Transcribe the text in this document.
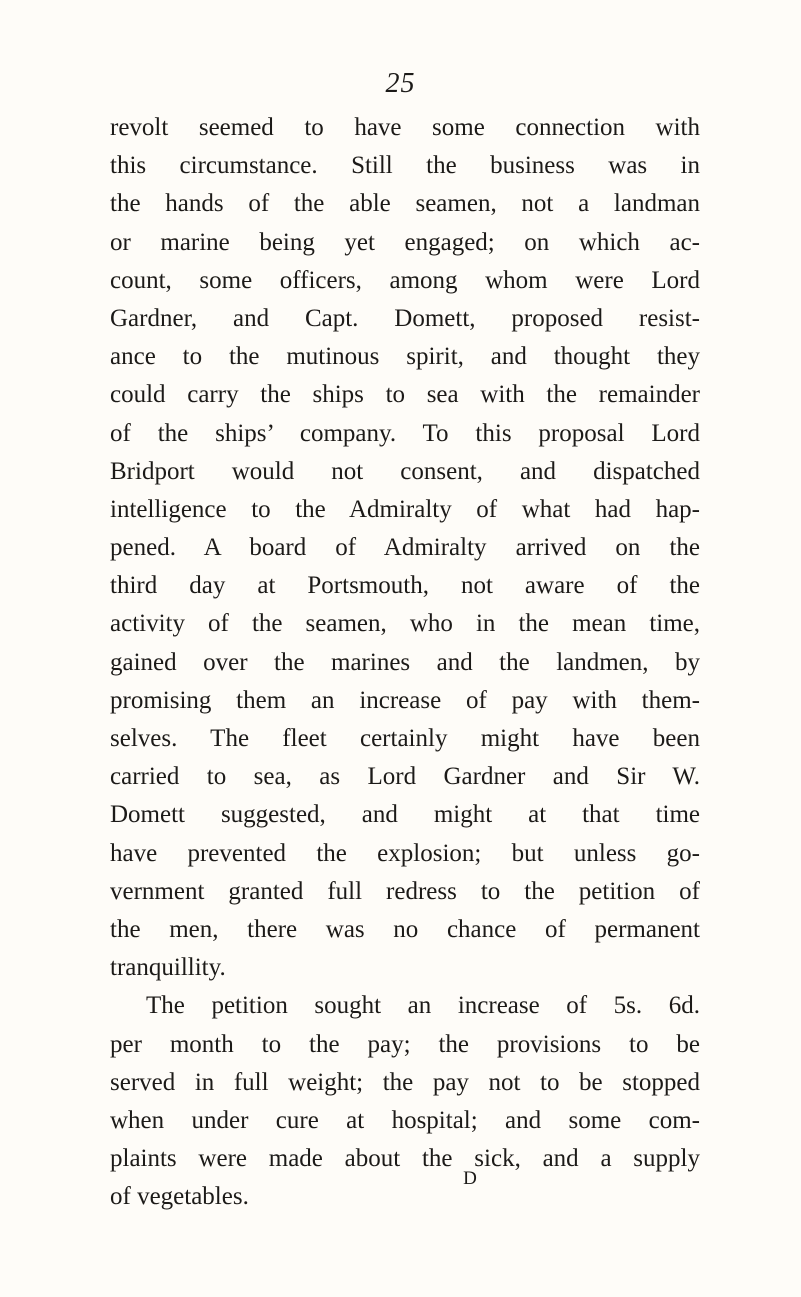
25
revolt seemed to have some connection with
this circumstance. Still the business was in
the hands of the able seamen, not a landman
or marine being yet engaged; on which ac-
count, some officers, among whom were Lord
Gardner, and Capt. Domett, proposed resist-
ance to the mutinous spirit, and thought they
could carry the ships to sea with the remainder
of the ships’ company. To this proposal Lord
Bridport would not consent, and dispatched
intelligence to the Admiralty of what had hap-
pened. A board of Admiralty arrived on the
third day at Portsmouth, not aware of the
activity of the seamen, who in the mean time,
gained over the marines and the landmen, by
promising them an increase of pay with them-
selves. The fleet certainly might have been
carried to sea, as Lord Gardner and Sir W.
Domett suggested, and might at that time
have prevented the explosion; but unless go-
vernment granted full redress to the petition of
the men, there was no chance of permanent
tranquillity.
The petition sought an increase of 5s. 6d.
per month to the pay; the provisions to be
served in full weight; the pay not to be stopped
when under cure at hospital; and some com-
plaints were made about the sick, and a supply
of vegetables.
D
